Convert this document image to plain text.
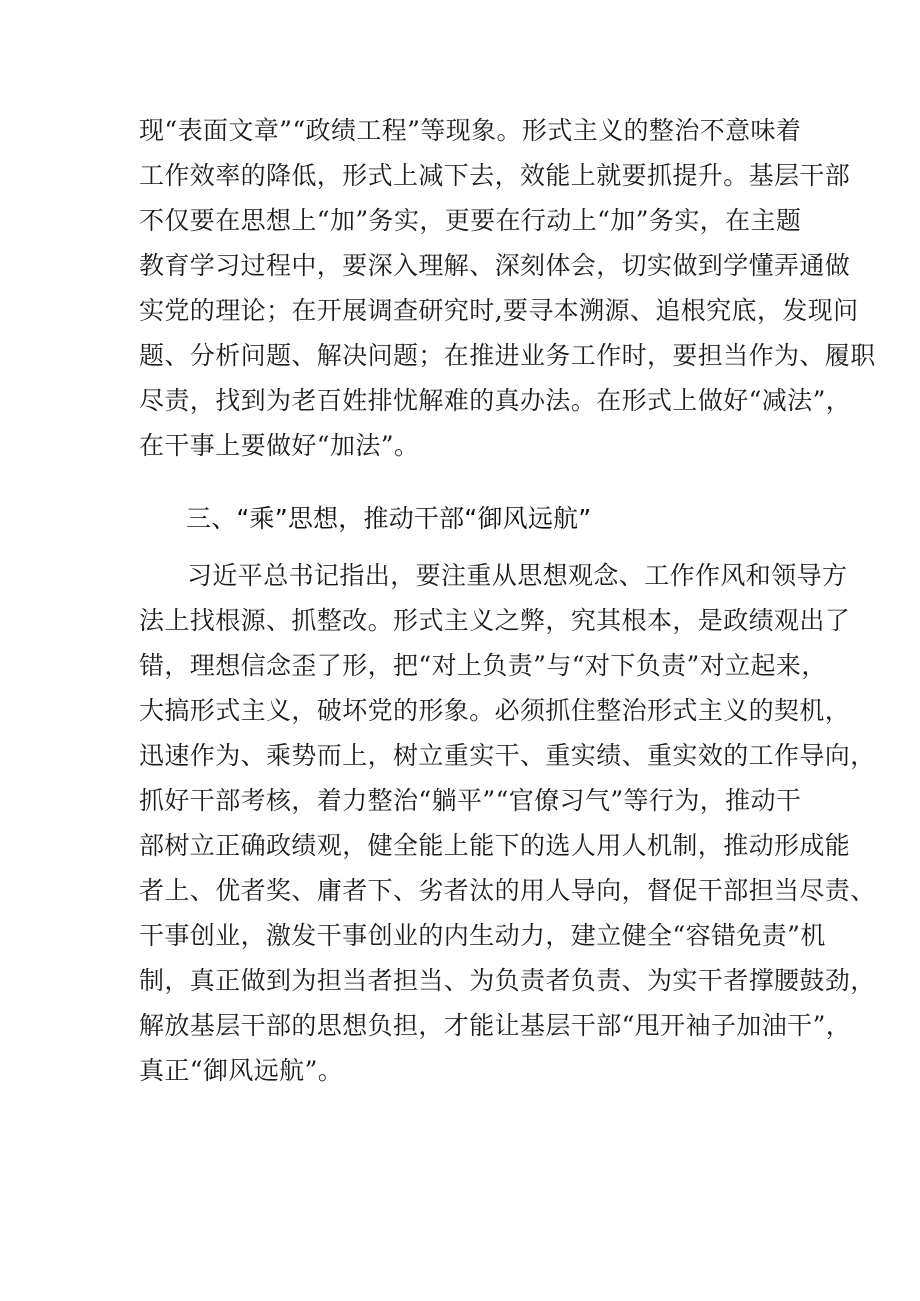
现“表面文章”“政绩工程”等现象。形式主义的整治不意味着
工作效率的降低，形式上减下去，效能上就要抓提升。基层干部
不仅要在思想上“加”务实，更要在行动上“加”务实，在主题
教育学习过程中，要深入理解、深刻体会，切实做到学懂弄通做
实党的理论；在开展调查研究时,要寻本溯源、追根究底，发现问
题、分析问题、解决问题；在推进业务工作时，要担当作为、履职
尽责，找到为老百姓排忧解难的真办法。在形式上做好“减法”，
在干事上要做好“加法”。
三、“乘”思想，推动干部“御风远航”
习近平总书记指出，要注重从思想观念、工作作风和领导方
法上找根源、抓整改。形式主义之弊，究其根本，是政绩观出了
错，理想信念歪了形，把“对上负责”与“对下负责”对立起来，
大搞形式主义，破坏党的形象。必须抓住整治形式主义的契机，
迅速作为、乘势而上，树立重实干、重实绩、重实效的工作导向，
抓好干部考核，着力整治“躺平”“官僚习气”等行为，推动干
部树立正确政绩观，健全能上能下的选人用人机制，推动形成能
者上、优者奖、庸者下、劣者汰的用人导向，督促干部担当尽责、
干事创业，激发干事创业的内生动力，建立健全“容错免责”机
制，真正做到为担当者担当、为负责者负责、为实干者撑腰鼓劲，
解放基层干部的思想负担，才能让基层干部“甩开袖子加油干”，
真正“御风远航”。
